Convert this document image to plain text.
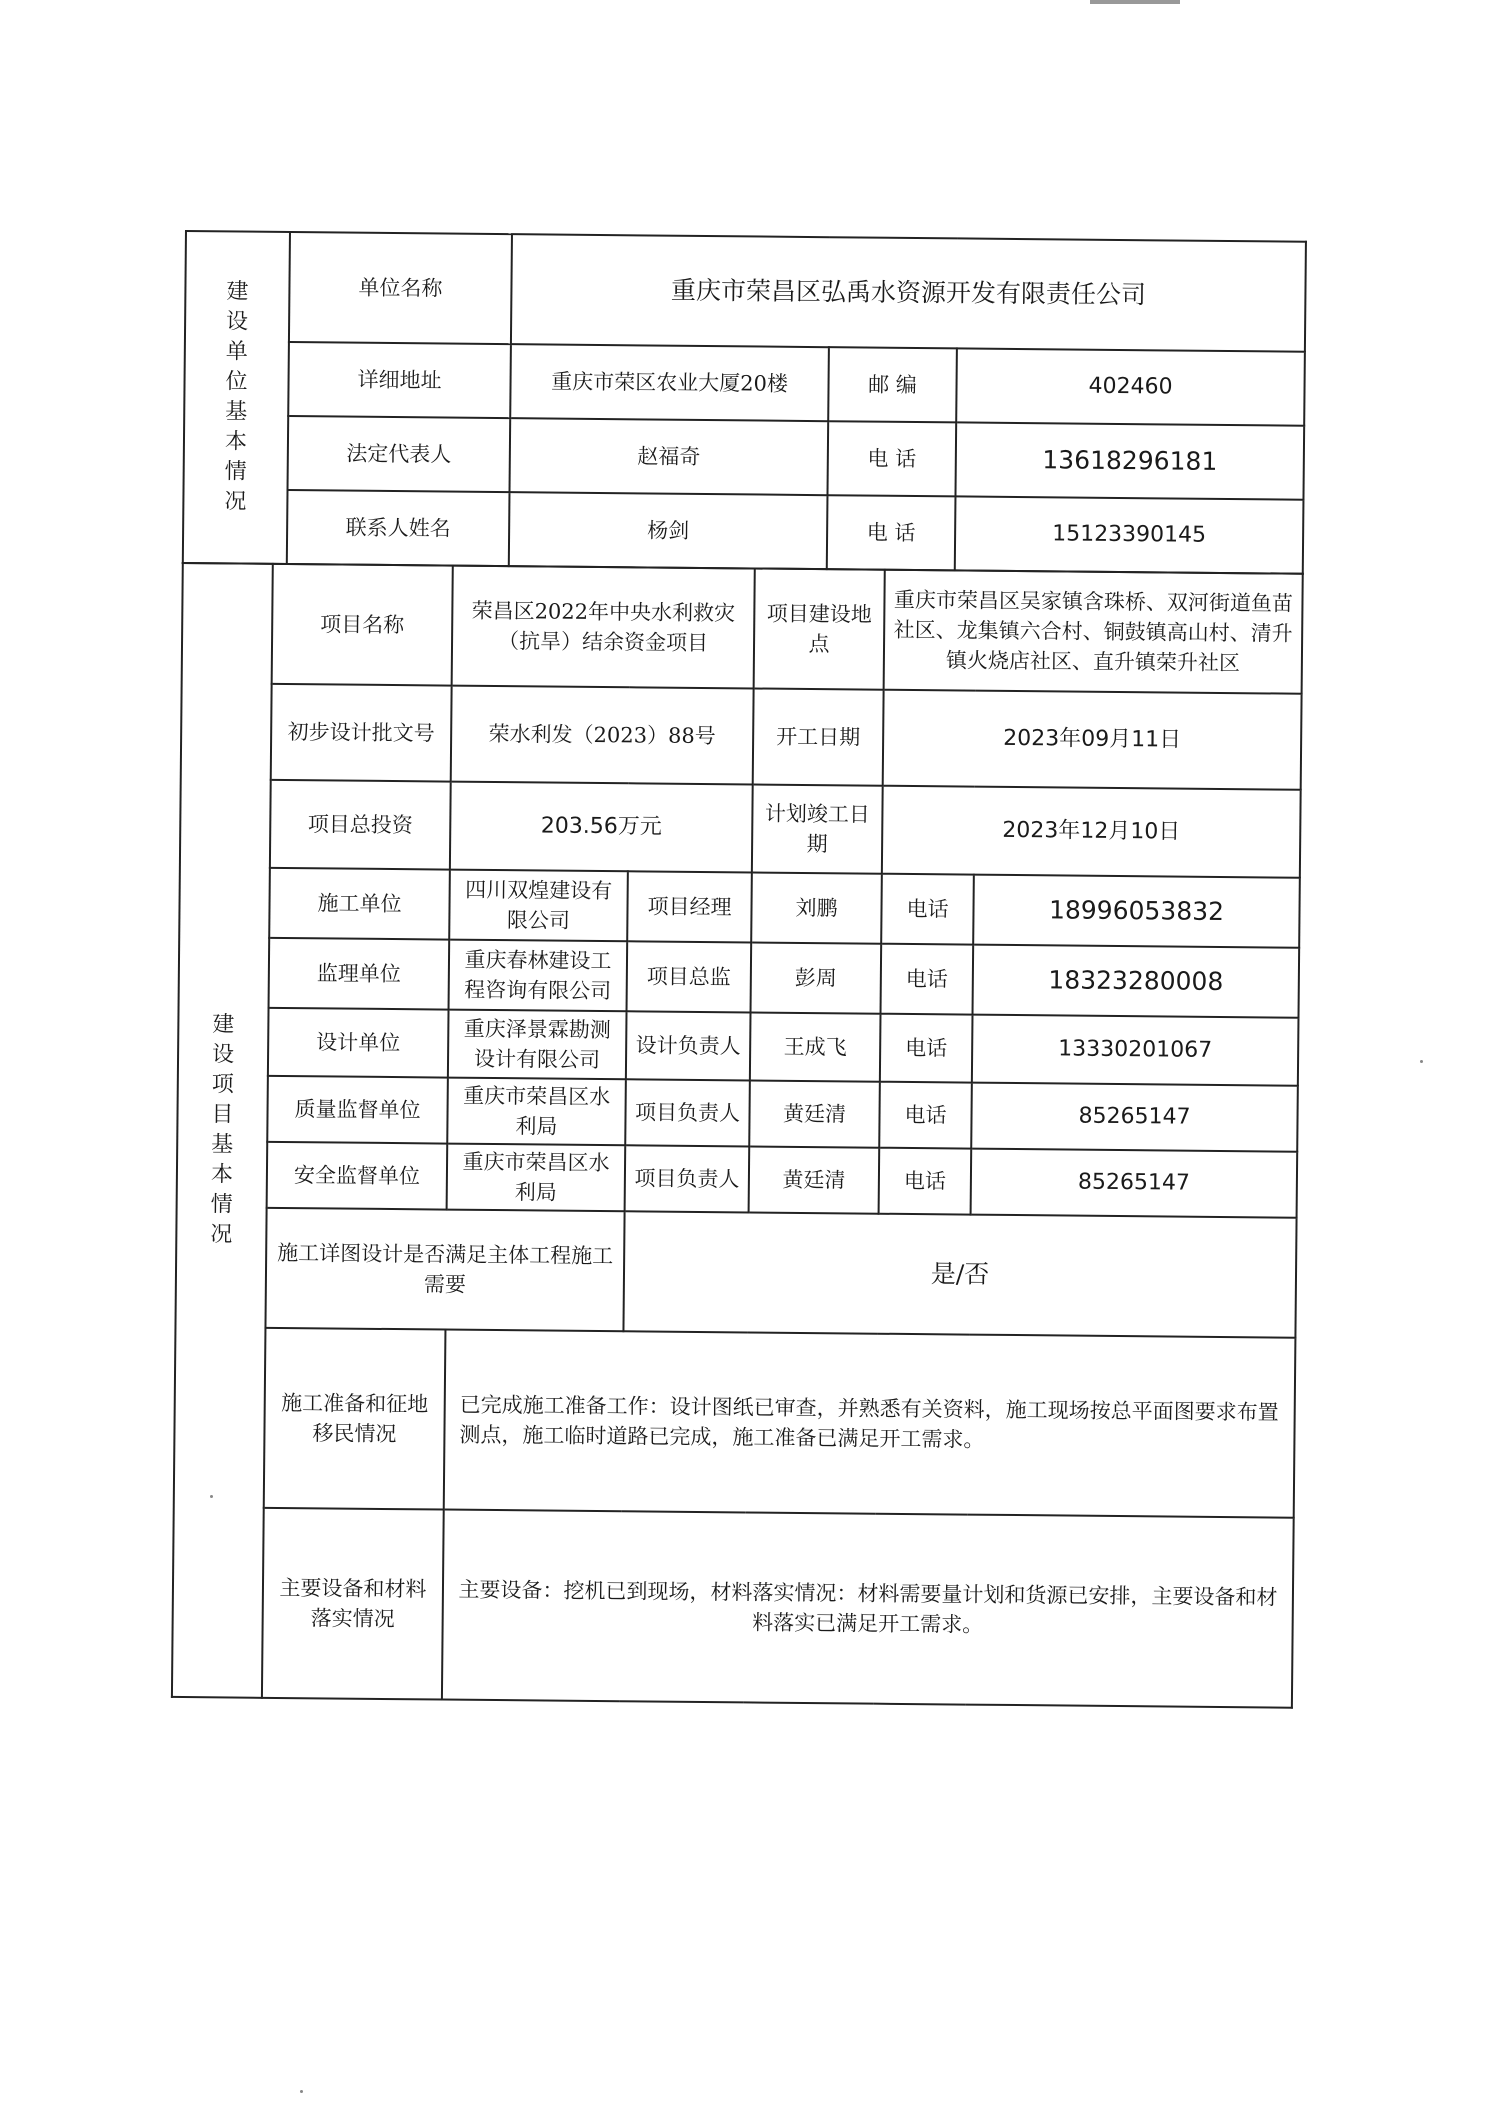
建设单位基本情况	单位名称	重庆市荣昌区弘禹水资源开发有限责任公司		
	详细地址	重庆市荣区农业大厦20楼	邮 编	402460
	法定代表人	赵福奇	电 话	13618296181
	联系人姓名	杨剑	电 话	15123390145
建设项目基本情况	项目名称	荣昌区2022年中央水利救灾（抗旱）结余资金项目		项目建设地点	重庆市荣昌区吴家镇含珠桥、双河街道鱼苗社区、龙集镇六合村、铜鼓镇高山村、清升镇火烧店社区、直升镇荣升社区	
	初步设计批文号	荣水利发（2023）88号		开工日期	2023年09月11日	
	项目总投资	203.56万元		计划竣工日期	2023年12月10日	
	施工单位	四川双煌建设有限公司	项目经理	刘鹏	电话	18996053832
	监理单位	重庆春林建设工程咨询有限公司	项目总监	彭周	电话	18323280008
	设计单位	重庆泽景霖勘测设计有限公司	设计负责人	王成飞	电话	13330201067
	质量监督单位	重庆市荣昌区水利局	项目负责人	黄廷清	电话	85265147
	安全监督单位	重庆市荣昌区水利局	项目负责人	黄廷清	电话	85265147
	施工详图设计是否满足主体工程施工需要		是/否			
	施工准备和征地移民情况	已完成施工准备工作：设计图纸已审查，并熟悉有关资料，施工现场按总平面图要求布置测点，施工临时道路已完成，施工准备已满足开工需求。				
	主要设备和材料落实情况	主要设备：挖机已到现场，材料落实情况：材料需要量计划和货源已安排，主要设备和材料落实已满足开工需求。				
